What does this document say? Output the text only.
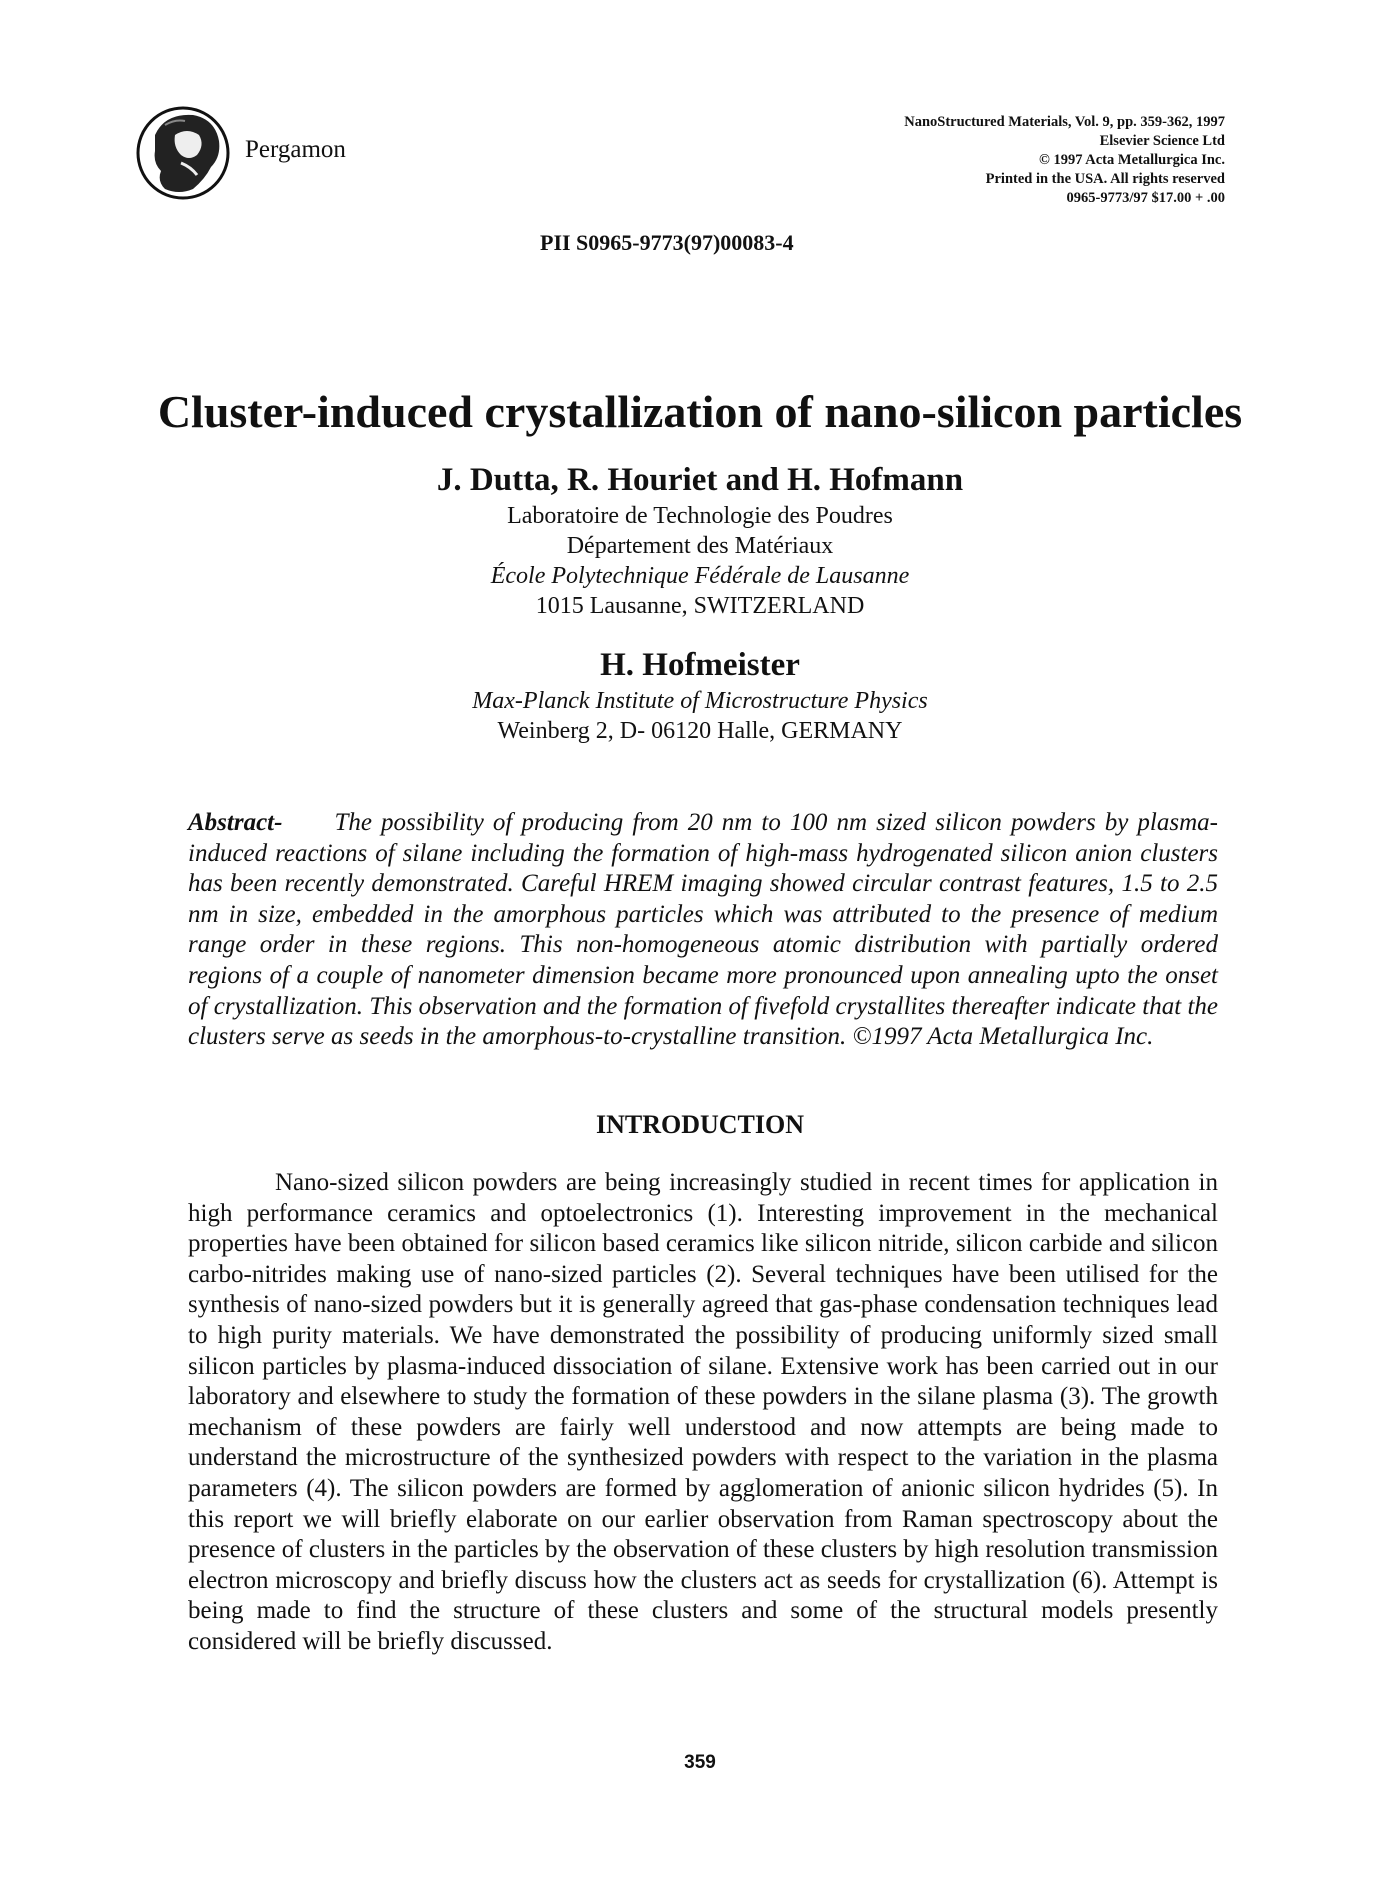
Pergamon
NanoStructured Materials, Vol. 9, pp. 359-362, 1997
Elsevier Science Ltd
© 1997 Acta Metallurgica Inc.
Printed in the USA. All rights reserved
0965-9773/97 $17.00 + .00
PII S0965-9773(97)00083-4
Cluster-induced crystallization of nano-silicon particles
J. Dutta, R. Houriet and H. Hofmann
Laboratoire de Technologie des Poudres
Département des Matériaux
École Polytechnique Fédérale de Lausanne
1015 Lausanne, SWITZERLAND
H. Hofmeister
Max-Planck Institute of Microstructure Physics
Weinberg 2, D- 06120 Halle, GERMANY
Abstract- The possibility of producing from 20 nm to 100 nm sized silicon powders by plasma-induced reactions of silane including the formation of high-mass hydrogenated silicon anion clusters has been recently demonstrated. Careful HREM imaging showed circular contrast features, 1.5 to 2.5 nm in size, embedded in the amorphous particles which was attributed to the presence of medium range order in these regions. This non-homogeneous atomic distribution with partially ordered regions of a couple of nanometer dimension became more pronounced upon annealing upto the onset of crystallization. This observation and the formation of fivefold crystallites thereafter indicate that the clusters serve as seeds in the amorphous-to-crystalline transition. ©1997 Acta Metallurgica Inc.
INTRODUCTION
Nano-sized silicon powders are being increasingly studied in recent times for application in high performance ceramics and optoelectronics (1). Interesting improvement in the mechanical properties have been obtained for silicon based ceramics like silicon nitride, silicon carbide and silicon carbo-nitrides making use of nano-sized particles (2). Several techniques have been utilised for the synthesis of nano-sized powders but it is generally agreed that gas-phase condensation techniques lead to high purity materials. We have demonstrated the possibility of producing uniformly sized small silicon particles by plasma-induced dissociation of silane. Extensive work has been carried out in our laboratory and elsewhere to study the formation of these powders in the silane plasma (3). The growth mechanism of these powders are fairly well understood and now attempts are being made to understand the microstructure of the synthesized powders with respect to the variation in the plasma parameters (4). The silicon powders are formed by agglomeration of anionic silicon hydrides (5). In this report we will briefly elaborate on our earlier observation from Raman spectroscopy about the presence of clusters in the particles by the observation of these clusters by high resolution transmission electron microscopy and briefly discuss how the clusters act as seeds for crystallization (6). Attempt is being made to find the structure of these clusters and some of the structural models presently considered will be briefly discussed.
359
